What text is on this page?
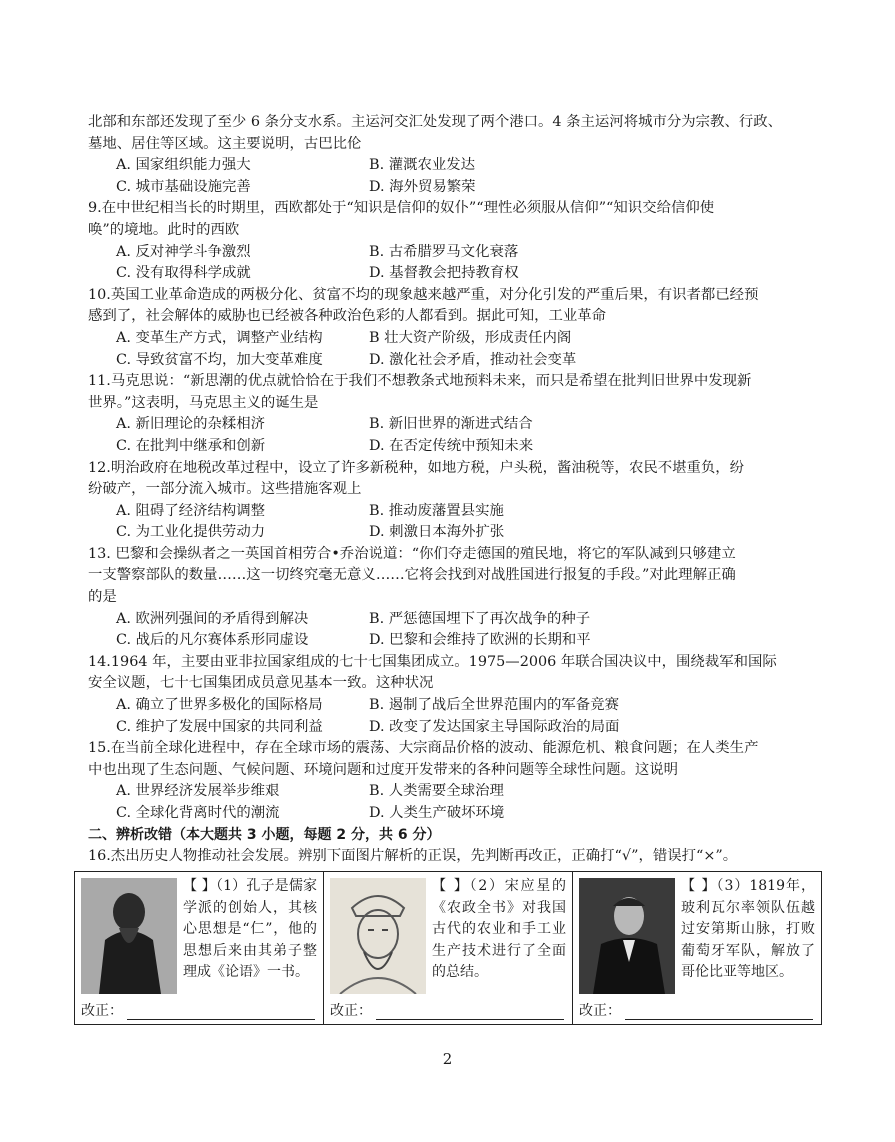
北部和东部还发现了至少 6 条分支水系。主运河交汇处发现了两个港口。4 条主运河将城市分为宗教、行政、
墓地、居住等区域。这主要说明，古巴比伦
A. 国家组织能力强大	B. 灌溉农业发达
C. 城市基础设施完善	D. 海外贸易繁荣
9.在中世纪相当长的时期里，西欧都处于“知识是信仰的奴仆”“理性必须服从信仰”“知识交给信仰使
唤”的境地。此时的西欧
A. 反对神学斗争激烈	B. 古希腊罗马文化衰落
C. 没有取得科学成就	D. 基督教会把持教育权
10.英国工业革命造成的两极分化、贫富不均的现象越来越严重，对分化引发的严重后果，有识者都已经预
感到了，社会解体的威胁也已经被各种政治色彩的人都看到。据此可知，工业革命
A. 变革生产方式，调整产业结构	B 壮大资产阶级，形成责任内阁
C. 导致贫富不均，加大变革难度	D. 激化社会矛盾，推动社会变革
11.马克思说：“新思潮的优点就恰恰在于我们不想教条式地预料未来，而只是希望在批判旧世界中发现新
世界。”这表明，马克思主义的诞生是
A. 新旧理论的杂糅相济	B. 新旧世界的渐进式结合
C. 在批判中继承和创新	D. 在否定传统中预知未来
12.明治政府在地税改革过程中，设立了许多新税种，如地方税，户头税，酱油税等，农民不堪重负，纷
纷破产，一部分流入城市。这些措施客观上
A. 阻碍了经济结构调整	B. 推动废藩置县实施
C. 为工业化提供劳动力	D. 刺激日本海外扩张
13. 巴黎和会操纵者之一英国首相劳合•乔治说道：“你们夺走德国的殖民地，将它的军队减到只够建立
一支警察部队的数量……这一切终究毫无意义……它将会找到对战胜国进行报复的手段。”对此理解正确
的是
A. 欧洲列强间的矛盾得到解决	B. 严惩德国埋下了再次战争的种子
C. 战后的凡尔赛体系形同虚设	D. 巴黎和会维持了欧洲的长期和平
14.1964 年，主要由亚非拉国家组成的七十七国集团成立。1975—2006 年联合国决议中，围绕裁军和国际
安全议题，七十七国集团成员意见基本一致。这种状况
A. 确立了世界多极化的国际格局	B. 遏制了战后全世界范围内的军备竞赛
C. 维护了发展中国家的共同利益	D. 改变了发达国家主导国际政治的局面
15.在当前全球化进程中，存在全球市场的震荡、大宗商品价格的波动、能源危机、粮食问题；在人类生产
中也出现了生态问题、气候问题、环境问题和过度开发带来的各种问题等全球性问题。这说明
A. 世界经济发展举步维艰	B. 人类需要全球治理
C. 全球化背离时代的潮流	D. 人类生产破坏环境
二、辨析改错（本大题共 3 小题，每题 2 分，共 6 分）
16.杰出历史人物推动社会发展。辨别下面图片解析的正误，先判断再改正，正确打“√”，错误打“×”。
【 】（1）孔子是儒家学派的创始人，其核心思想是“仁”，他的思想后来由其弟子整理成《论语》一书。
改正：
【 】（2）宋应星的《农政全书》对我国古代的农业和手工业生产技术进行了全面的总结。
改正：
【 】（3）1819年，玻利瓦尔率领队伍越过安第斯山脉，打败葡萄牙军队，解放了哥伦比亚等地区。
改正：
2
